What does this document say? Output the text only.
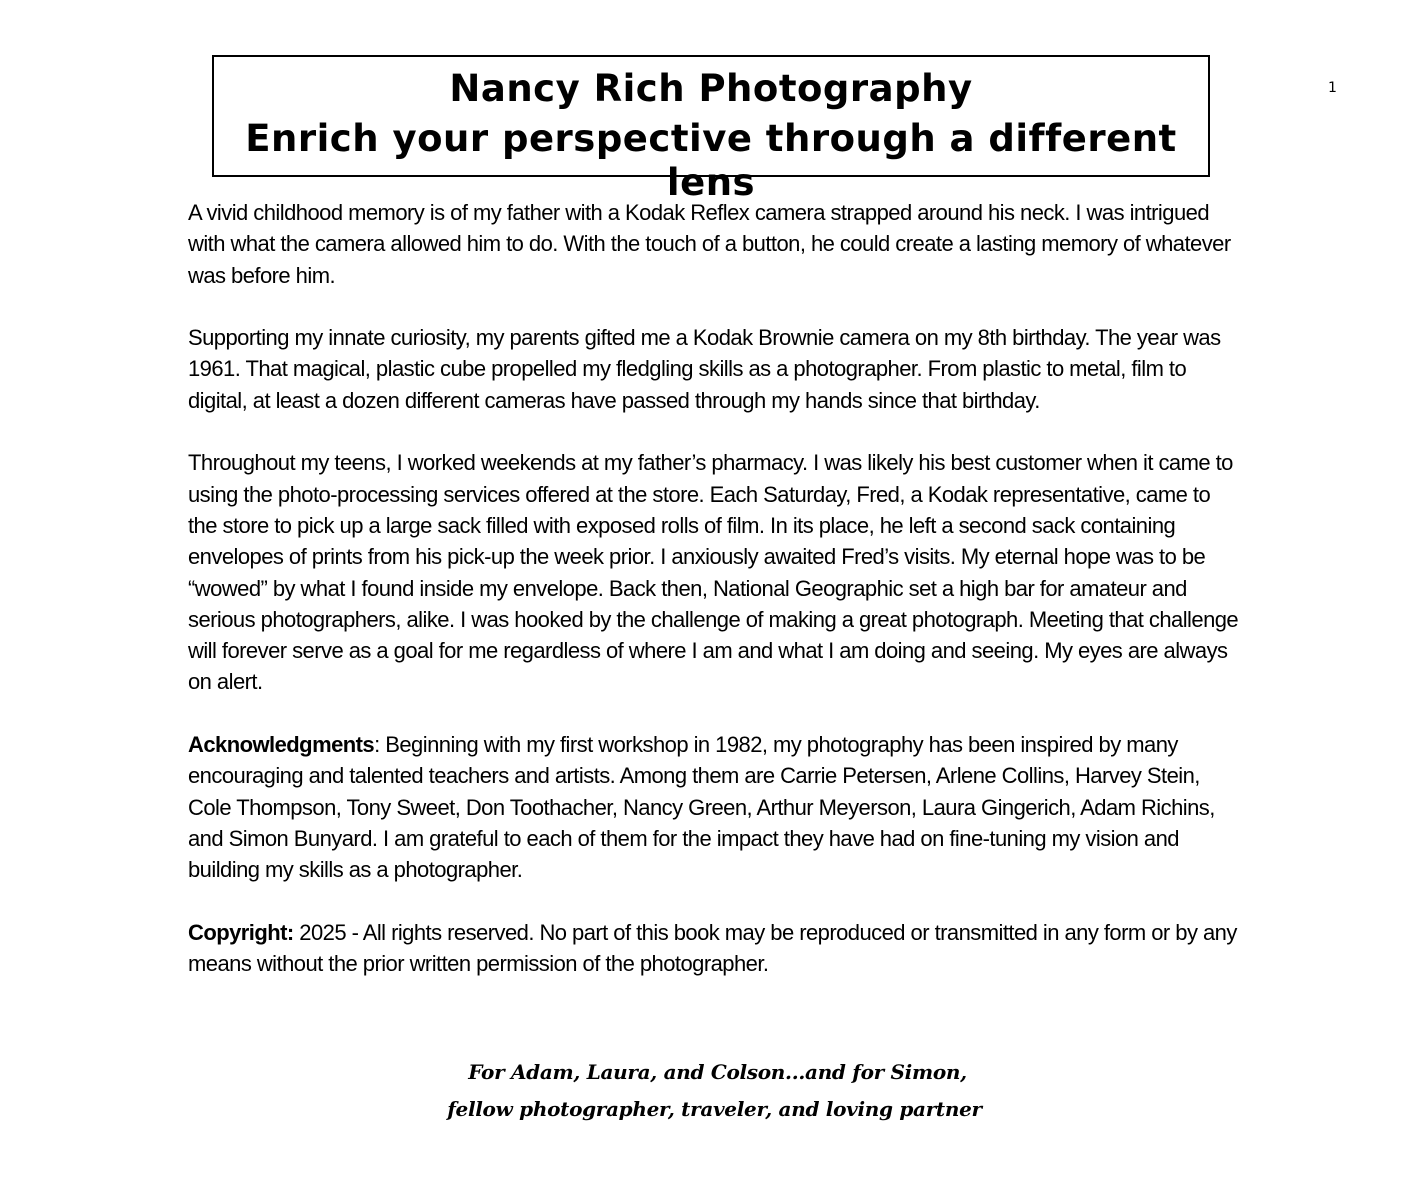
Nancy Rich Photography
Enrich your perspective through a different lens
1

A vivid childhood memory is of my father with a Kodak Reflex camera strapped around his neck. I was intrigued with what the camera allowed him to do. With the touch of a button, he could create a lasting memory of whatever was before him.

Supporting my innate curiosity, my parents gifted me a Kodak Brownie camera on my 8th birthday. The year was 1961. That magical, plastic cube propelled my fledgling skills as a photographer. From plastic to metal, film to digital, at least a dozen different cameras have passed through my hands since that birthday.

Throughout my teens, I worked weekends at my father’s pharmacy. I was likely his best customer when it came to using the photo-processing services offered at the store. Each Saturday, Fred, a Kodak representative, came to the store to pick up a large sack filled with exposed rolls of film. In its place, he left a second sack containing envelopes of prints from his pick-up the week prior. I anxiously awaited Fred’s visits. My eternal hope was to be “wowed” by what I found inside my envelope. Back then, National Geographic set a high bar for amateur and serious photographers, alike. I was hooked by the challenge of making a great photograph. Meeting that challenge will forever serve as a goal for me regardless of where I am and what I am doing and seeing. My eyes are always on alert.

Acknowledgments: Beginning with my first workshop in 1982, my photography has been inspired by many encouraging and talented teachers and artists. Among them are Carrie Petersen, Arlene Collins, Harvey Stein, Cole Thompson, Tony Sweet, Don Toothacher, Nancy Green, Arthur Meyerson, Laura Gingerich, Adam Richins, and Simon Bunyard. I am grateful to each of them for the impact they have had on fine-tuning my vision and building my skills as a photographer.

Copyright: 2025 - All rights reserved. No part of this book may be reproduced or transmitted in any form or by any means without the prior written permission of the photographer.

For Adam, Laura, and Colson...and for Simon,
fellow photographer, traveler, and loving partner
